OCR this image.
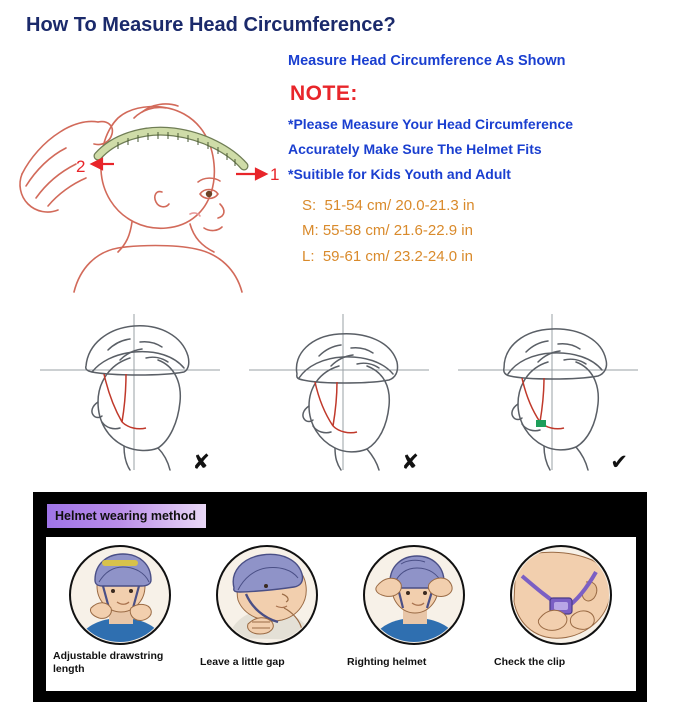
How To Measure Head Circumference?
1
2
Measure Head Circumference As Shown
NOTE:
*Please Measure Your Head Circumference
Accurately Make Sure The Helmet Fits
*Suitible for Kids Youth and Adult
S:  51-54 cm/ 20.0-21.3 in
M: 55-58 cm/ 21.6-22.9 in
L:  59-61 cm/ 23.2-24.0 in
✘	✘	✔
Helmet wearing method
Adjustable drawstring length
Leave a little gap	Righting helmet	Check the clip
